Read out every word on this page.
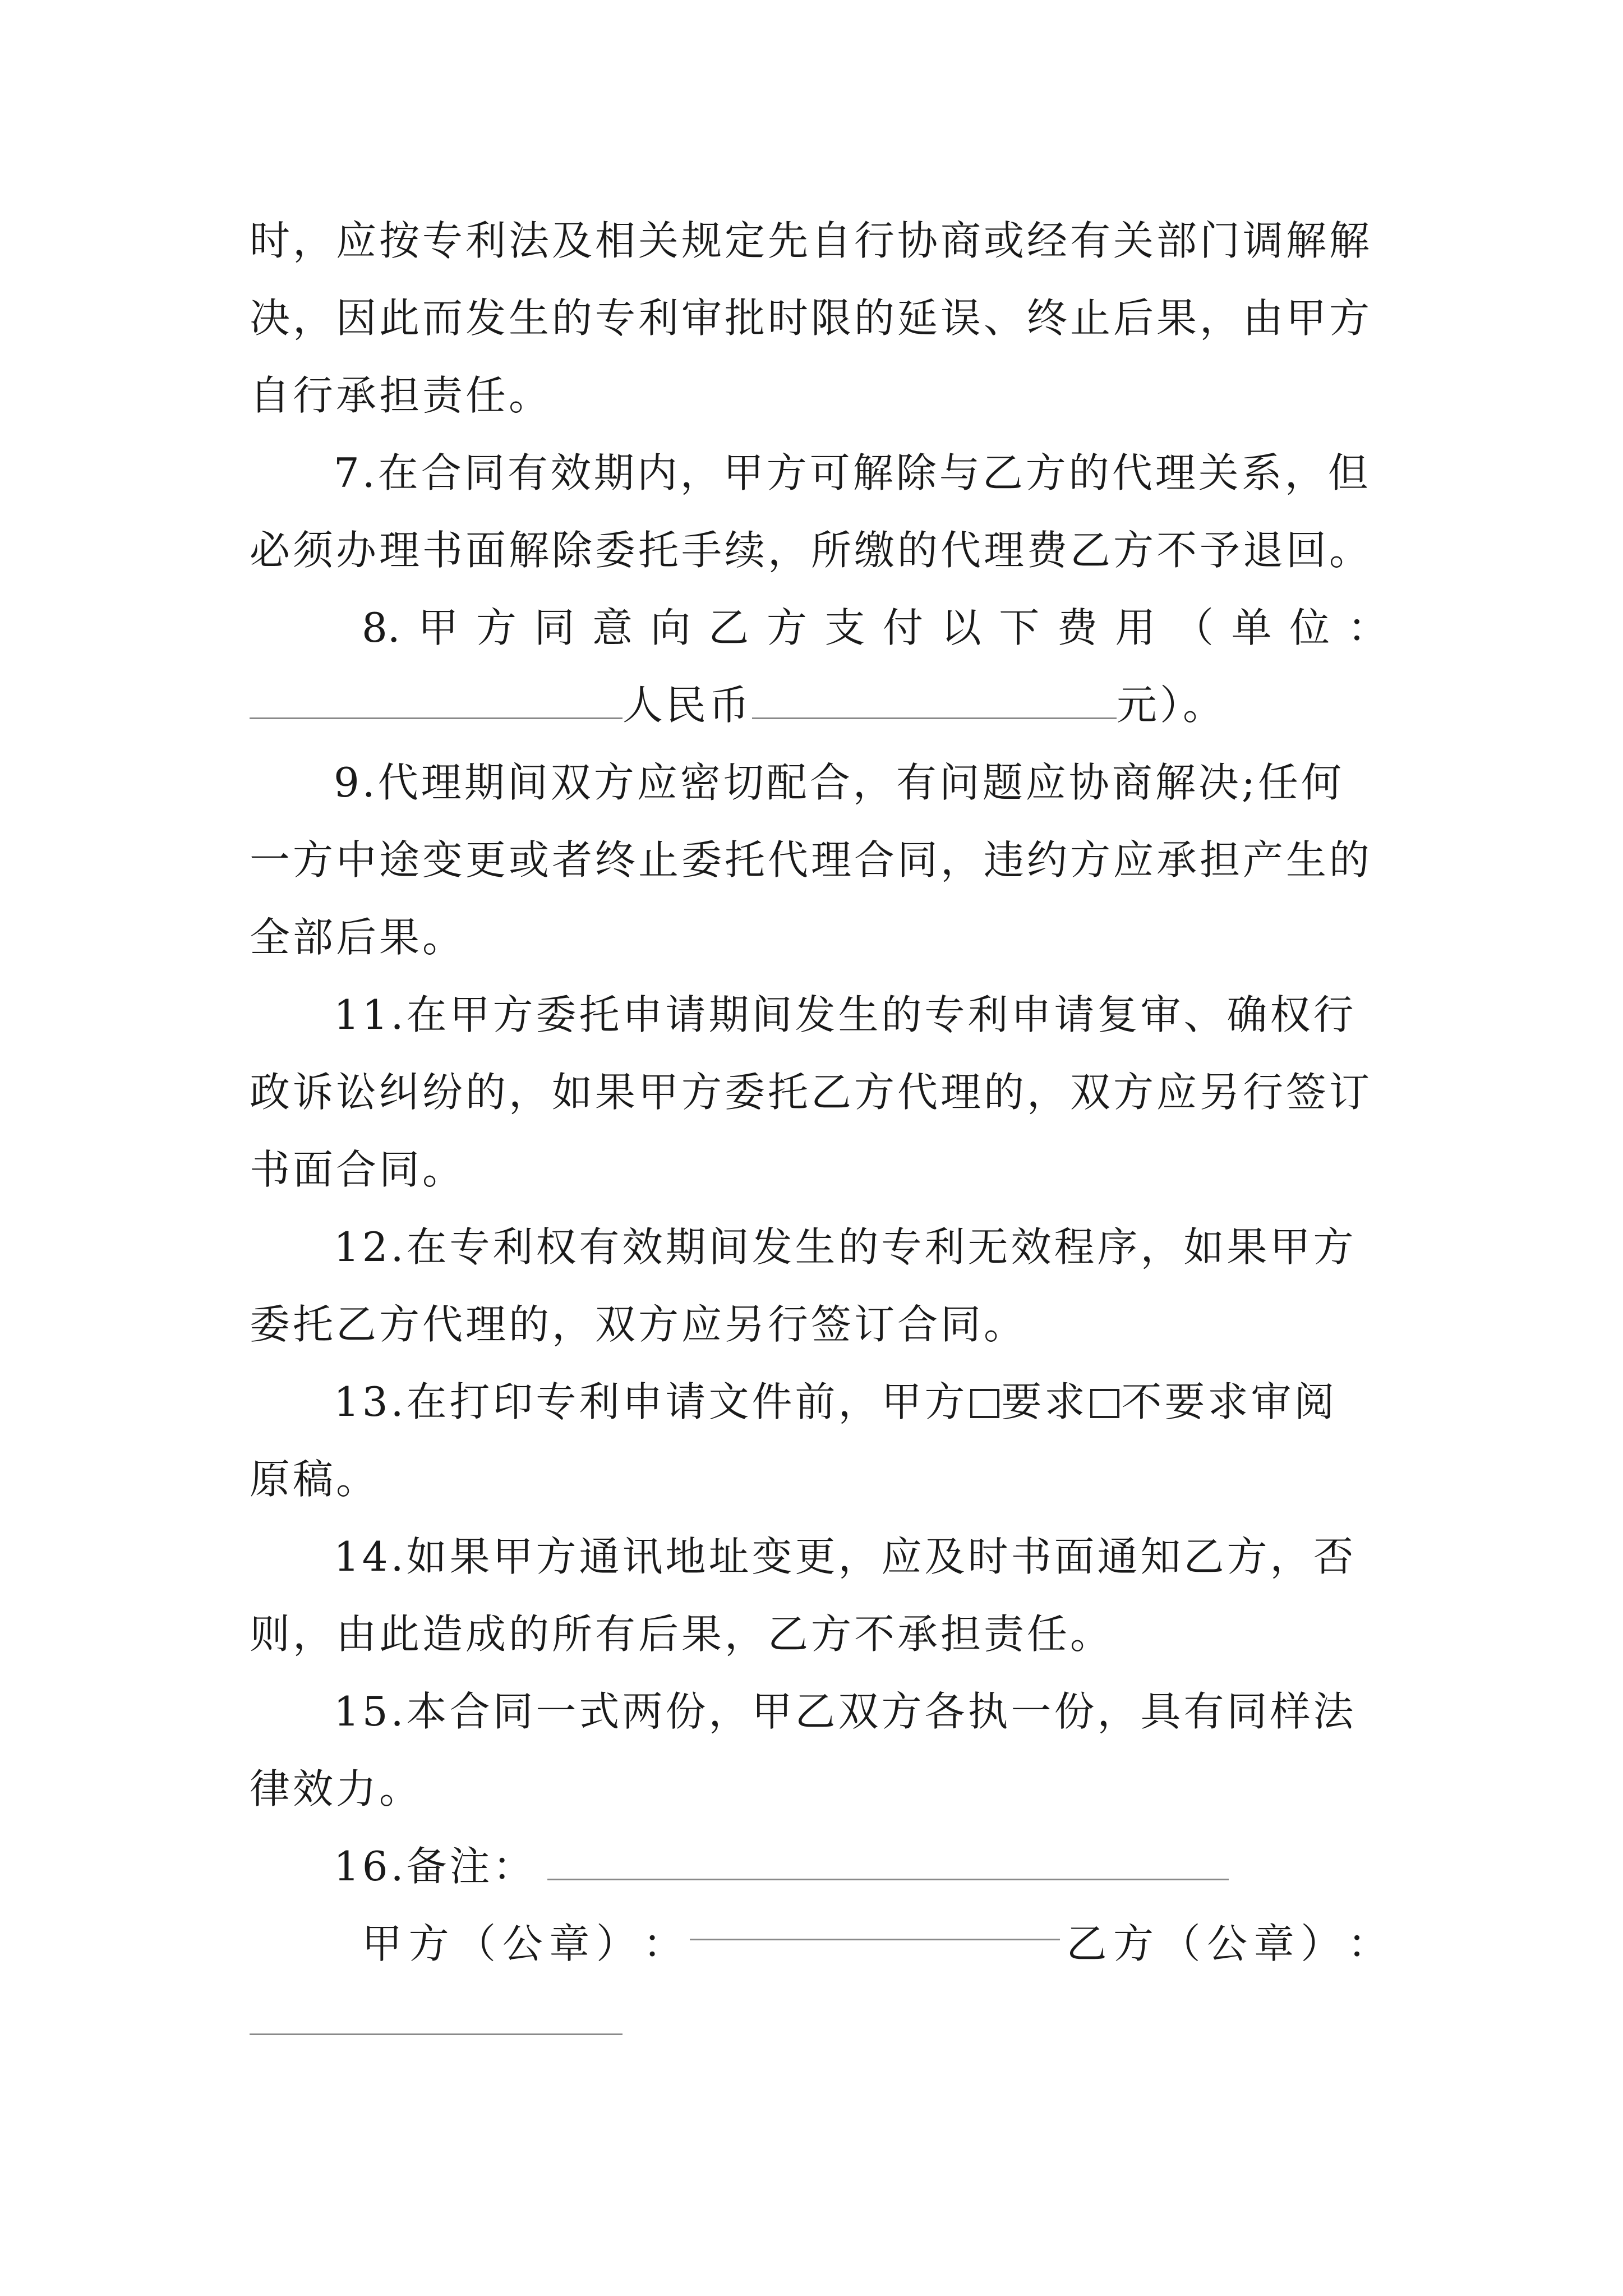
时，应按专利法及相关规定先自行协商或经有关部门调解解
决，因此而发生的专利审批时限的延误、终止后果，由甲方
自行承担责任。
7.在合同有效期内，甲方可解除与乙方的代理关系，但
必须办理书面解除委托手续，所缴的代理费乙方不予退回。
8. 甲 方 同 意 向 乙 方 支 付 以 下 费 用 （ 单 位 ：
人民币	元）。
9.代理期间双方应密切配合，有问题应协商解决;任何
一方中途变更或者终止委托代理合同，违约方应承担产生的
全部后果。
11.在甲方委托申请期间发生的专利申请复审、确权行
政诉讼纠纷的，如果甲方委托乙方代理的，双方应另行签订
书面合同。
12.在专利权有效期间发生的专利无效程序，如果甲方
委托乙方代理的，双方应另行签订合同。
13.在打印专利申请文件前，甲方 要求 不要求审阅
原稿。
14.如果甲方通讯地址变更，应及时书面通知乙方，否
则，由此造成的所有后果，乙方不承担责任。
15.本合同一式两份，甲乙双方各执一份，具有同样法
律效力。
16.备注：
甲 方 （ 公 章 ） ：	乙 方 （ 公 章 ） ：
